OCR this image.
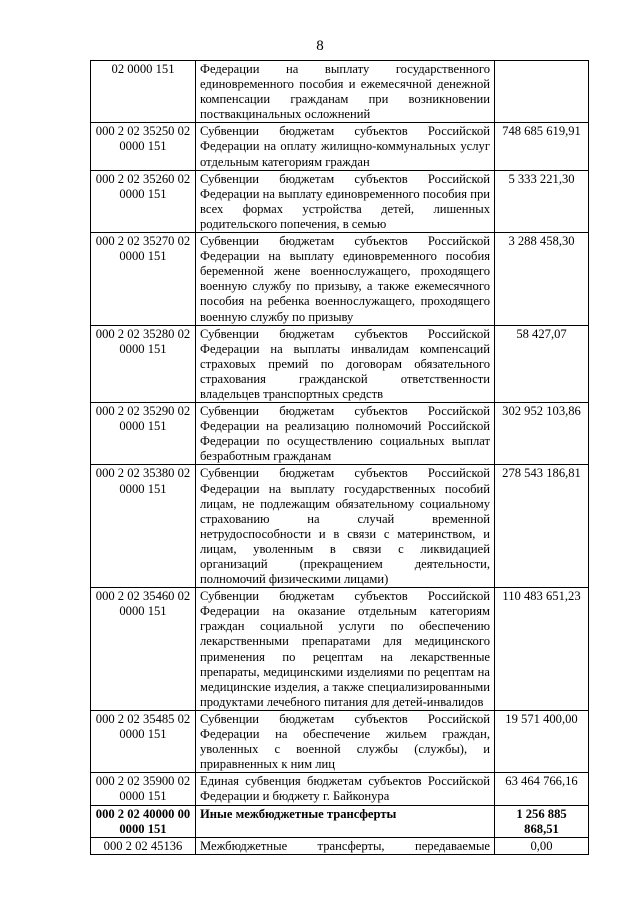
8
02 0000 151	Федерации на выплату государственного единовременного пособия и ежемесячной денежной компенсации гражданам при возникновении поствакцинальных осложнений	
000 2 02 35250 02 0000 151	Субвенции бюджетам субъектов Российской Федерации на оплату жилищно-коммунальных услуг отдельным категориям граждан	748 685 619,91
000 2 02 35260 02 0000 151	Субвенции бюджетам субъектов Российской Федерации на выплату единовременного пособия при всех формах устройства детей, лишенных родительского попечения, в семью	5 333 221,30
000 2 02 35270 02 0000 151	Субвенции бюджетам субъектов Российской Федерации на выплату единовременного пособия беременной жене военнослужащего, проходящего военную службу по призыву, а также ежемесячного пособия на ребенка военнослужащего, проходящего военную службу по призыву	3 288 458,30
000 2 02 35280 02 0000 151	Субвенции бюджетам субъектов Российской Федерации на выплаты инвалидам компенсаций страховых премий по договорам обязательного страхования гражданской ответственности владельцев транспортных средств	58 427,07
000 2 02 35290 02 0000 151	Субвенции бюджетам субъектов Российской Федерации на реализацию полномочий Российской Федерации по осуществлению социальных выплат безработным гражданам	302 952 103,86
000 2 02 35380 02 0000 151	Субвенции бюджетам субъектов Российской Федерации на выплату государственных пособий лицам, не подлежащим обязательному социальному страхованию на случай временной нетрудоспособности и в связи с материнством, и лицам, уволенным в связи с ликвидацией организаций (прекращением деятельности, полномочий физическими лицами)	278 543 186,81
000 2 02 35460 02 0000 151	Субвенции бюджетам субъектов Российской Федерации на оказание отдельным категориям граждан социальной услуги по обеспечению лекарственными препаратами для медицинского применения по рецептам на лекарственные препараты, медицинскими изделиями по рецептам на медицинские изделия, а также специализированными продуктами лечебного питания для детей-инвалидов	110 483 651,23
000 2 02 35485 02 0000 151	Субвенции бюджетам субъектов Российской Федерации на обеспечение жильем граждан, уволенных с военной службы (службы), и приравненных к ним лиц	19 571 400,00
000 2 02 35900 02 0000 151	Единая субвенция бюджетам субъектов Российской Федерации и бюджету г. Байконура	63 464 766,16
000 2 02 40000 00 0000 151	Иные межбюджетные трансферты	1 256 885 868,51
000 2 02 45136	Межбюджетные трансферты, передаваемые	0,00
